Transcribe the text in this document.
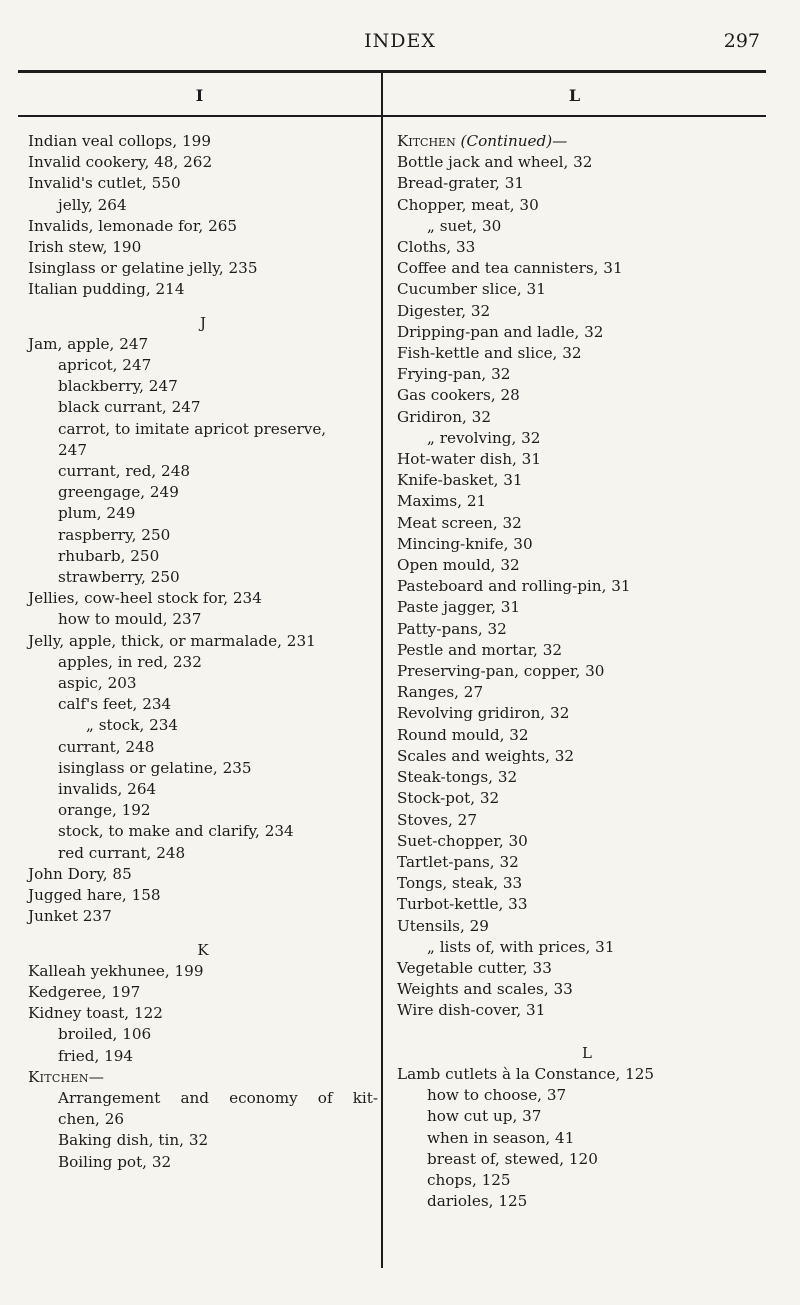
INDEX	297
I	L
Indian veal collops, 199
Invalid cookery, 48, 262
Invalid's cutlet, 550
jelly, 264
Invalids, lemonade for, 265
Irish stew, 190
Isinglass or gelatine jelly, 235
Italian pudding, 214
J
Jam, apple, 247
apricot, 247
blackberry, 247
black currant, 247
carrot, to imitate apricot preserve,
247
currant, red, 248
greengage, 249
plum, 249
raspberry, 250
rhubarb, 250
strawberry, 250
Jellies, cow-heel stock for, 234
how to mould, 237
Jelly, apple, thick, or marmalade, 231
apples, in red, 232
aspic, 203
calf's feet, 234
„ stock, 234
currant, 248
isinglass or gelatine, 235
invalids, 264
orange, 192
stock, to make and clarify, 234
red currant, 248
John Dory, 85
Jugged hare, 158
Junket 237
K
Kalleah yekhunee, 199
Kedgeree, 197
Kidney toast, 122
broiled, 106
fried, 194
Kitchen—
Arrangement and economy of kit-
chen, 26
Baking dish, tin, 32
Boiling pot, 32
Kitchen (Continued)—
Bottle jack and wheel, 32
Bread-grater, 31
Chopper, meat, 30
„ suet, 30
Cloths, 33
Coffee and tea cannisters, 31
Cucumber slice, 31
Digester, 32
Dripping-pan and ladle, 32
Fish-kettle and slice, 32
Frying-pan, 32
Gas cookers, 28
Gridiron, 32
„ revolving, 32
Hot-water dish, 31
Knife-basket, 31
Maxims, 21
Meat screen, 32
Mincing-knife, 30
Open mould, 32
Pasteboard and rolling-pin, 31
Paste jagger, 31
Patty-pans, 32
Pestle and mortar, 32
Preserving-pan, copper, 30
Ranges, 27
Revolving gridiron, 32
Round mould, 32
Scales and weights, 32
Steak-tongs, 32
Stock-pot, 32
Stoves, 27
Suet-chopper, 30
Tartlet-pans, 32
Tongs, steak, 33
Turbot-kettle, 33
Utensils, 29
„ lists of, with prices, 31
Vegetable cutter, 33
Weights and scales, 33
Wire dish-cover, 31
L
Lamb cutlets à la Constance, 125
how to choose, 37
how cut up, 37
when in season, 41
breast of, stewed, 120
chops, 125
darioles, 125
